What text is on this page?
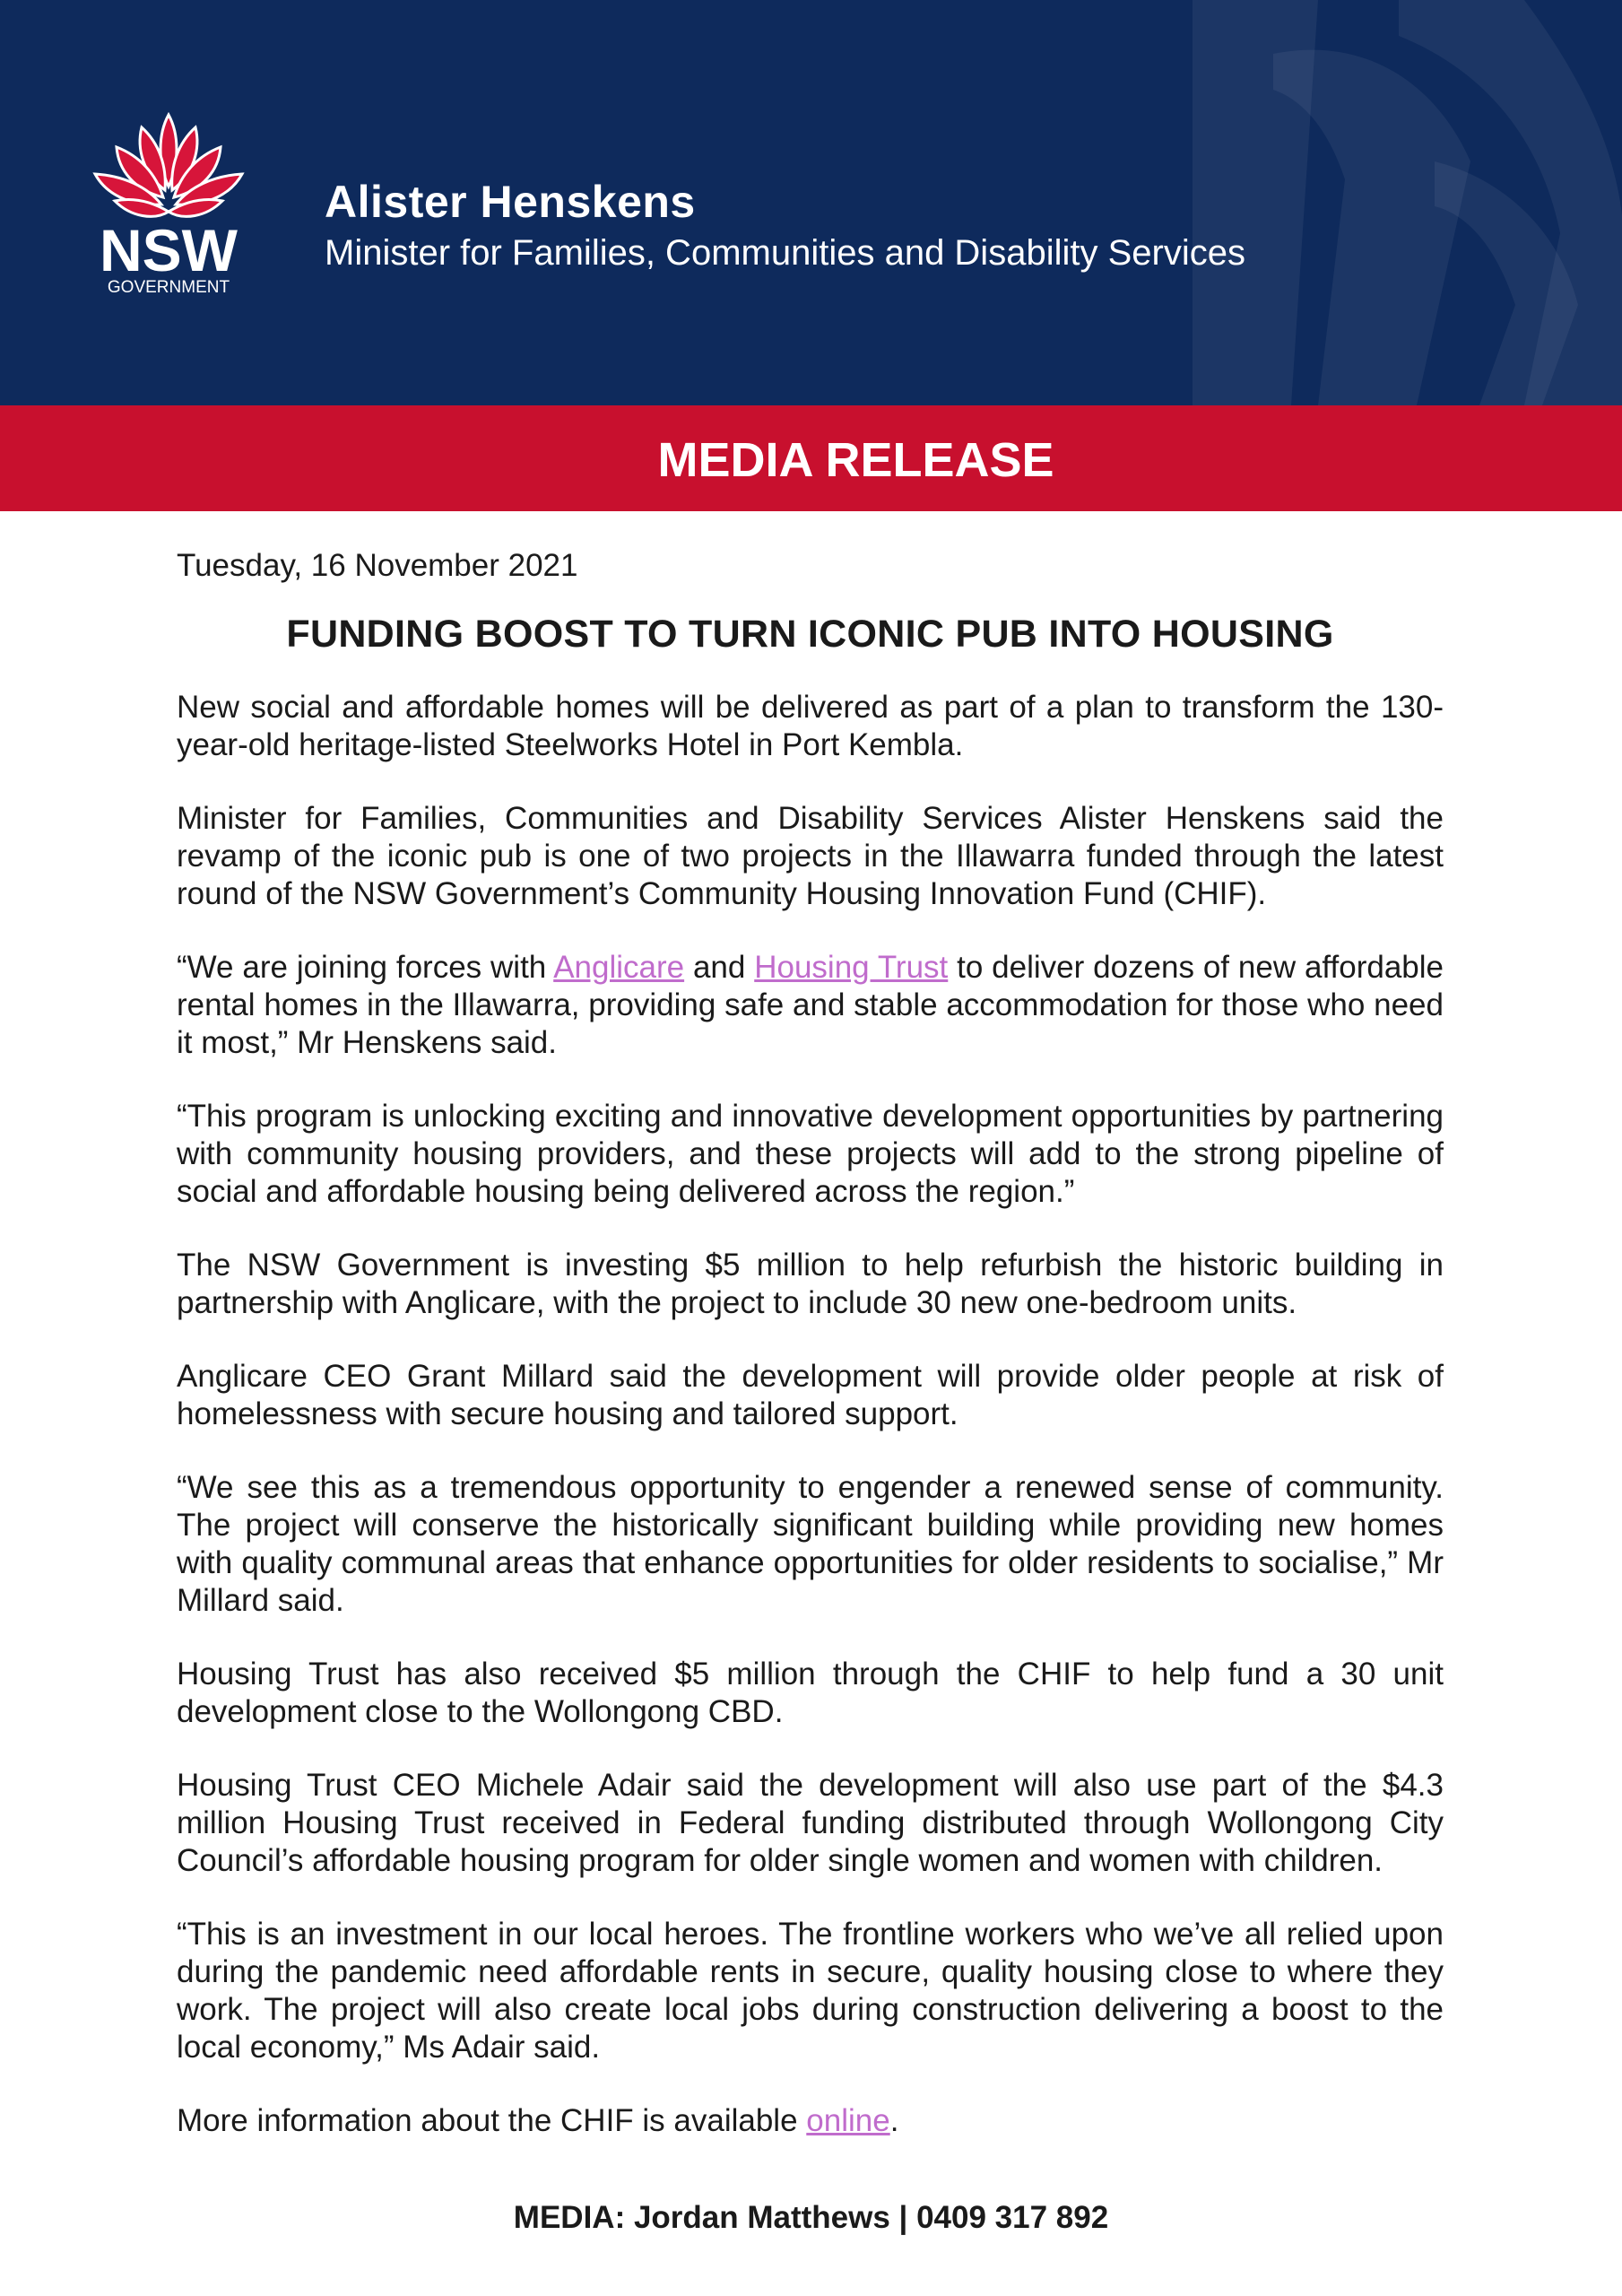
NSW
GOVERNMENT
Alister Henskens
Minister for Families, Communities and Disability Services
MEDIA RELEASE
Tuesday, 16 November 2021
FUNDING BOOST TO TURN ICONIC PUB INTO HOUSING

New social and affordable homes will be delivered as part of a plan to transform the 130-year-old heritage-listed Steelworks Hotel in Port Kembla.

Minister for Families, Communities and Disability Services Alister Henskens said the revamp of the iconic pub is one of two projects in the Illawarra funded through the latest round of the NSW Government’s Community Housing Innovation Fund (CHIF).

“We are joining forces with Anglicare and Housing Trust to deliver dozens of new affordable rental homes in the Illawarra, providing safe and stable accommodation for those who need it most,” Mr Henskens said.

“This program is unlocking exciting and innovative development opportunities by partnering with community housing providers, and these projects will add to the strong pipeline of social and affordable housing being delivered across the region.”

The NSW Government is investing $5 million to help refurbish the historic building in partnership with Anglicare, with the project to include 30 new one-bedroom units.

Anglicare CEO Grant Millard said the development will provide older people at risk of homelessness with secure housing and tailored support.

“We see this as a tremendous opportunity to engender a renewed sense of community. The project will conserve the historically significant building while providing new homes with quality communal areas that enhance opportunities for older residents to socialise,” Mr Millard said.

Housing Trust has also received $5 million through the CHIF to help fund a 30 unit development close to the Wollongong CBD.

Housing Trust CEO Michele Adair said the development will also use part of the $4.3 million Housing Trust received in Federal funding distributed through Wollongong City Council’s affordable housing program for older single women and women with children.

“This is an investment in our local heroes. The frontline workers who we’ve all relied upon during the pandemic need affordable rents in secure, quality housing close to where they work. The project will also create local jobs during construction delivering a boost to the local economy,” Ms Adair said.

More information about the CHIF is available online.

MEDIA: Jordan Matthews | 0409 317 892
